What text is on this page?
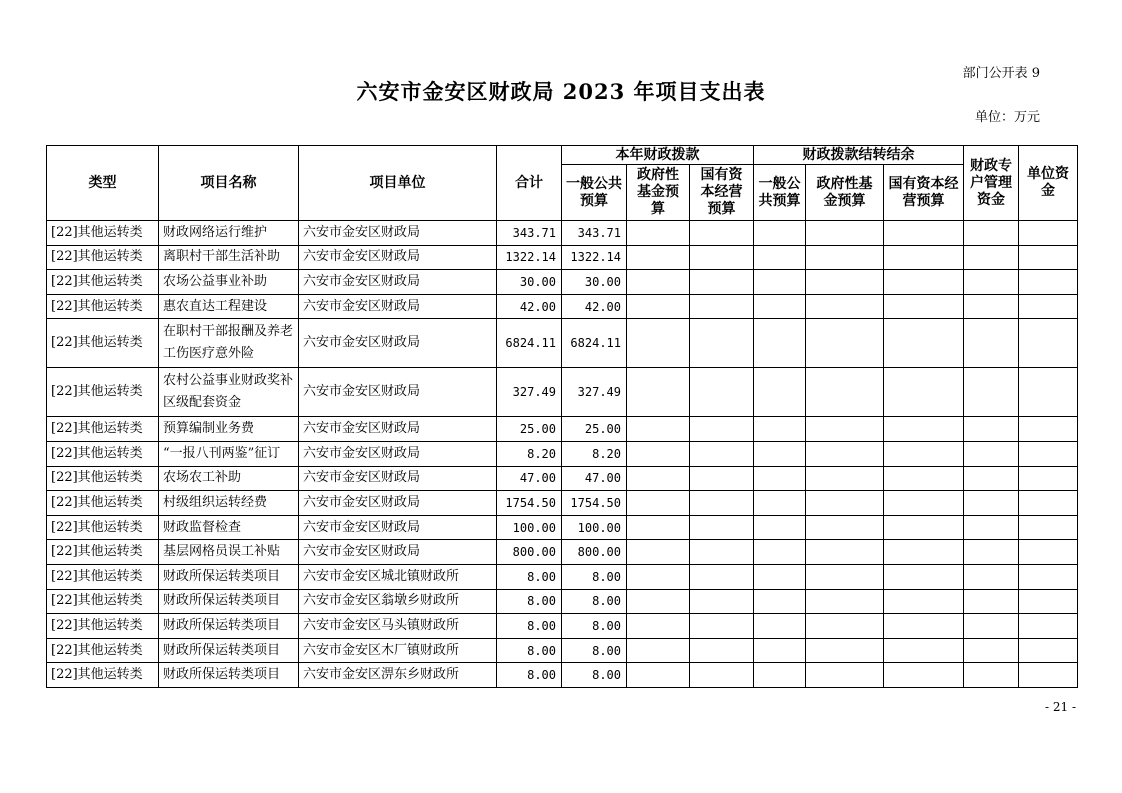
部门公开表 9
六安市金安区财政局 2023 年项目支出表
单位：万元
类型	项目名称	项目单位	合计	本年财政拨款			财政拨款结转结余			财政专户管理资金	单位资金
				一般公共预算	政府性基金预算	国有资本经营预算	一般公共预算	政府性基金预算	国有资本经营预算		
[22]其他运转类	财政网络运行维护	六安市金安区财政局	343.71	343.71							
[22]其他运转类	离职村干部生活补助	六安市金安区财政局	1322.14	1322.14							
[22]其他运转类	农场公益事业补助	六安市金安区财政局	30.00	30.00							
[22]其他运转类	惠农直达工程建设	六安市金安区财政局	42.00	42.00							
[22]其他运转类	在职村干部报酬及养老工伤医疗意外险	六安市金安区财政局	6824.11	6824.11							
[22]其他运转类	农村公益事业财政奖补区级配套资金	六安市金安区财政局	327.49	327.49							
[22]其他运转类	预算编制业务费	六安市金安区财政局	25.00	25.00							
[22]其他运转类	“一报八刊两鉴”征订	六安市金安区财政局	8.20	8.20							
[22]其他运转类	农场农工补助	六安市金安区财政局	47.00	47.00							
[22]其他运转类	村级组织运转经费	六安市金安区财政局	1754.50	1754.50							
[22]其他运转类	财政监督检查	六安市金安区财政局	100.00	100.00							
[22]其他运转类	基层网格员误工补贴	六安市金安区财政局	800.00	800.00							
[22]其他运转类	财政所保运转类项目	六安市金安区城北镇财政所	8.00	8.00							
[22]其他运转类	财政所保运转类项目	六安市金安区翁墩乡财政所	8.00	8.00							
[22]其他运转类	财政所保运转类项目	六安市金安区马头镇财政所	8.00	8.00							
[22]其他运转类	财政所保运转类项目	六安市金安区木厂镇财政所	8.00	8.00							
[22]其他运转类	财政所保运转类项目	六安市金安区淠东乡财政所	8.00	8.00							
- 21 -
